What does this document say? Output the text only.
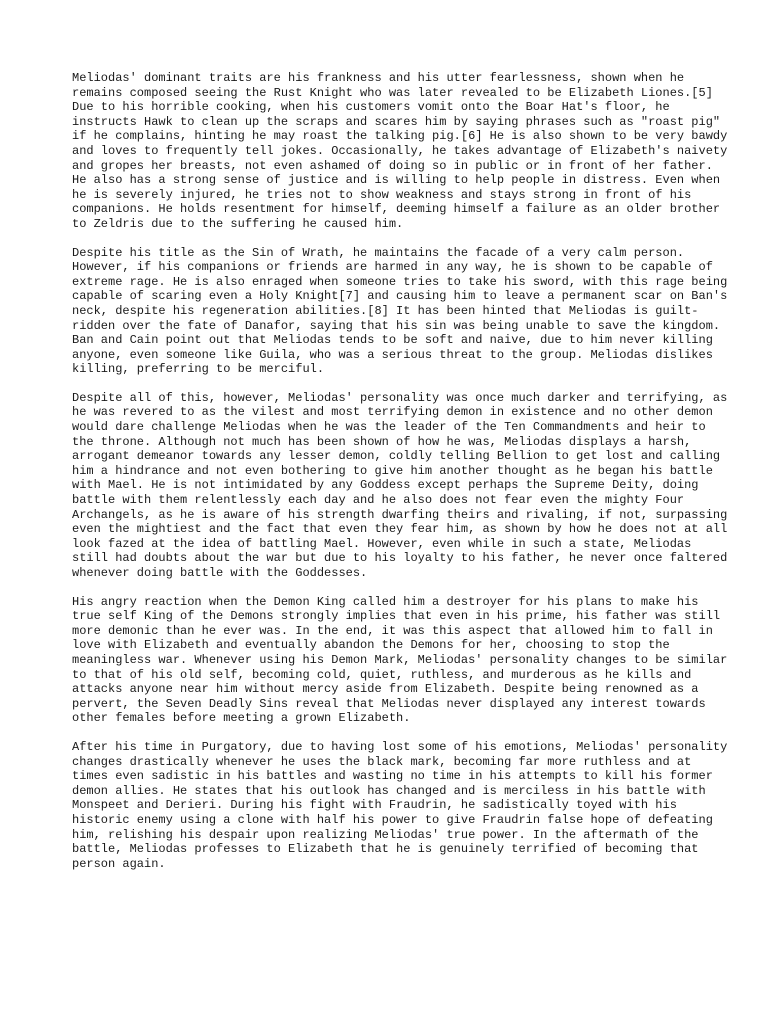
Meliodas' dominant traits are his frankness and his utter fearlessness, shown when he remains composed seeing the Rust Knight who was later revealed to be Elizabeth Liones.[5] Due to his horrible cooking, when his customers vomit onto the Boar Hat's floor, he instructs Hawk to clean up the scraps and scares him by saying phrases such as "roast pig" if he complains, hinting he may roast the talking pig.[6] He is also shown to be very bawdy and loves to frequently tell jokes. Occasionally, he takes advantage of Elizabeth's naivety and gropes her breasts, not even ashamed of doing so in public or in front of her father. He also has a strong sense of justice and is willing to help people in distress. Even when he is severely injured, he tries not to show weakness and stays strong in front of his companions. He holds resentment for himself, deeming himself a failure as an older brother to Zeldris due to the suffering he caused him.

Despite his title as the Sin of Wrath, he maintains the facade of a very calm person. However, if his companions or friends are harmed in any way, he is shown to be capable of extreme rage. He is also enraged when someone tries to take his sword, with this rage being capable of scaring even a Holy Knight[7] and causing him to leave a permanent scar on Ban's neck, despite his regeneration abilities.[8] It has been hinted that Meliodas is guilt-ridden over the fate of Danafor, saying that his sin was being unable to save the kingdom. Ban and Cain point out that Meliodas tends to be soft and naive, due to him never killing anyone, even someone like Guila, who was a serious threat to the group. Meliodas dislikes killing, preferring to be merciful.

Despite all of this, however, Meliodas' personality was once much darker and terrifying, as he was revered to as the vilest and most terrifying demon in existence and no other demon would dare challenge Meliodas when he was the leader of the Ten Commandments and heir to the throne. Although not much has been shown of how he was, Meliodas displays a harsh, arrogant demeanor towards any lesser demon, coldly telling Bellion to get lost and calling him a hindrance and not even bothering to give him another thought as he began his battle with Mael. He is not intimidated by any Goddess except perhaps the Supreme Deity, doing battle with them relentlessly each day and he also does not fear even the mighty Four Archangels, as he is aware of his strength dwarfing theirs and rivaling, if not, surpassing even the mightiest and the fact that even they fear him, as shown by how he does not at all look fazed at the idea of battling Mael. However, even while in such a state, Meliodas still had doubts about the war but due to his loyalty to his father, he never once faltered whenever doing battle with the Goddesses.

His angry reaction when the Demon King called him a destroyer for his plans to make his true self King of the Demons strongly implies that even in his prime, his father was still more demonic than he ever was. In the end, it was this aspect that allowed him to fall in love with Elizabeth and eventually abandon the Demons for her, choosing to stop the meaningless war. Whenever using his Demon Mark, Meliodas' personality changes to be similar to that of his old self, becoming cold, quiet, ruthless, and murderous as he kills and attacks anyone near him without mercy aside from Elizabeth. Despite being renowned as a pervert, the Seven Deadly Sins reveal that Meliodas never displayed any interest towards other females before meeting a grown Elizabeth.

After his time in Purgatory, due to having lost some of his emotions, Meliodas' personality changes drastically whenever he uses the black mark, becoming far more ruthless and at times even sadistic in his battles and wasting no time in his attempts to kill his former demon allies. He states that his outlook has changed and is merciless in his battle with Monspeet and Derieri. During his fight with Fraudrin, he sadistically toyed with his historic enemy using a clone with half his power to give Fraudrin false hope of defeating him, relishing his despair upon realizing Meliodas' true power. In the aftermath of the battle, Meliodas professes to Elizabeth that he is genuinely terrified of becoming that person again.
